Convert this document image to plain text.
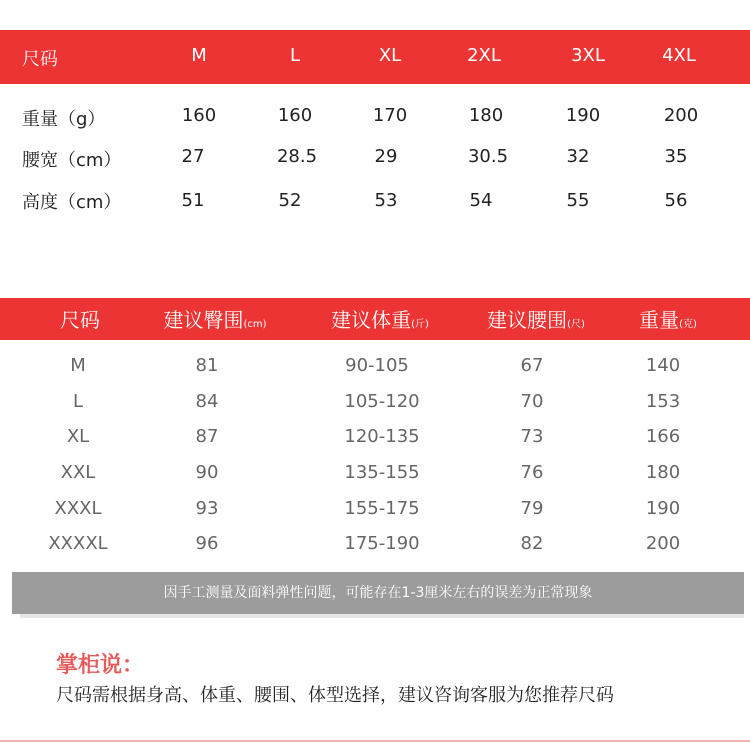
尺码	M	L	XL	2XL	3XL	4XL
重量（g）	160	160	170	180	190	200
腰宽（cm）	27	28.5	29	30.5	32	35
高度（cm）	51	52	53	54	55	56
尺码	建议臀围(cm)	建议体重(斤)	建议腰围(尺)	重量(克)
M	81	90-105	67	140
L	84	105-120	70	153
XL	87	120-135	73	166
XXL	90	135-155	76	180
XXXL	93	155-175	79	190
XXXXL	96	175-190	82	200
因手工测量及面料弹性问题，可能存在1-3厘米左右的误差为正常现象
掌柜说：
尺码需根据身高、体重、腰围、体型选择，建议咨询客服为您推荐尺码
